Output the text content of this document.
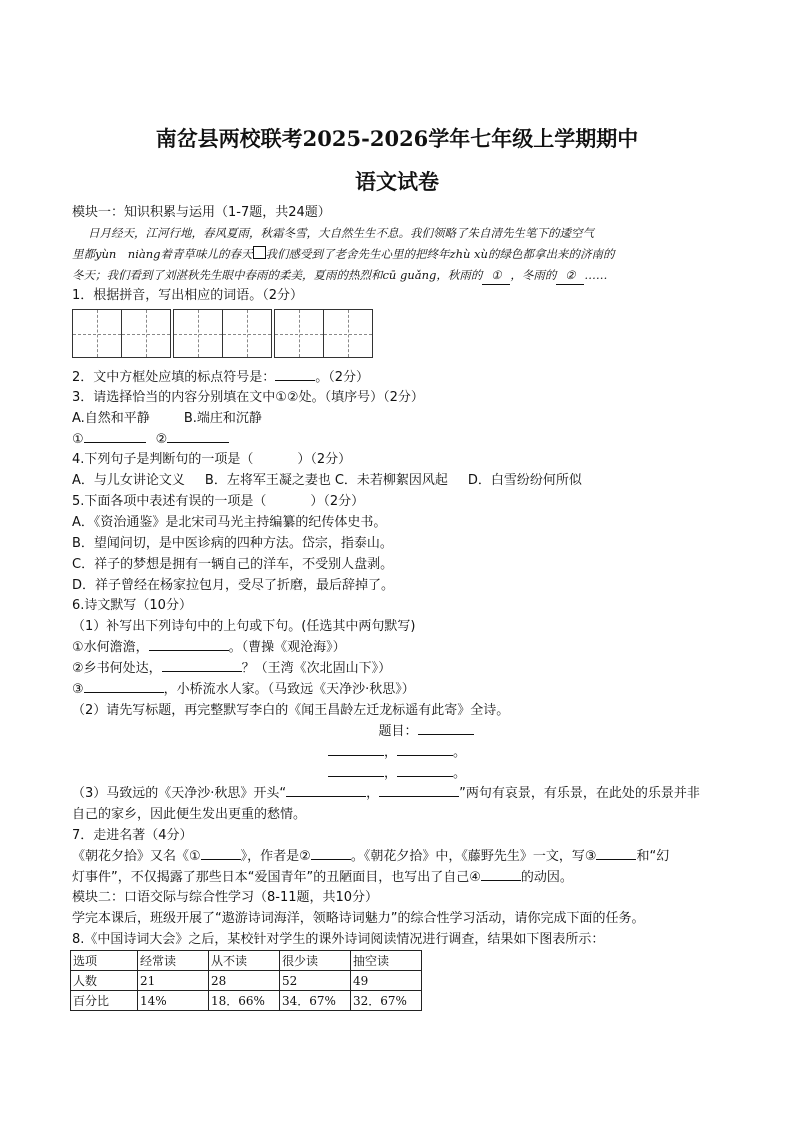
南岔县两校联考2025-2026学年七年级上学期期中
语文试卷
模块一：知识积累与运用（1-7题，共24题）
日月经天，江河行地，春风夏雨，秋霜冬雪，大自然生生不息。我们领略了朱自清先生笔下的逶空气
里都yùn　niàng着青草味儿的春天 我们感受到了老舍先生心里的把终年zhù xù的绿色都拿出来的济南的
冬天；我们看到了刘湛秋先生眼中春雨的柔美，夏雨的热烈和cū guǎng，秋雨的 ① ，冬雨的 ② ……
1．根据拼音，写出相应的词语。（2分）
2．文中方框处应填的标点符号是：	。（2分）
3．请选择恰当的内容分别填在文中①②处。（填序号）（2分）
A.自然和平静	B.端庄和沉静
①	②
4.下列句子是判断句的一项是（	）（2分）
A．与儿女讲论文义 B．左将军王凝之妻也 C．未若柳絮因风起 D．白雪纷纷何所似
5.下面各项中表述有误的一项是（	）（2分）
A．《资治通鉴》是北宋司马光主持编纂的纪传体史书。
B．望闻问切，是中医诊病的四种方法。岱宗，指泰山。
C．祥子的梦想是拥有一辆自己的洋车，不受别人盘剥。
D．祥子曾经在杨家拉包月，受尽了折磨，最后辞掉了。
6.诗文默写（10分）
（1）补写出下列诗句中的上句或下句。(任选其中两句默写)
①水何澹澹，	。（曹操《观沧海》）
②乡书何处达，	？（王湾《次北固山下》）
③	，小桥流水人家。（马致远《天净沙·秋思》）
（2）请先写标题，再完整默写李白的《闻王昌龄左迁龙标遥有此寄》全诗。
题目：
，	。
，	。
（3）马致远的《天净沙·秋思》开头“	，	”两句有哀景，有乐景，在此处的乐景并非
自己的家乡，因此便生发出更重的愁情。
7．走进名著（4分）
《朝花夕拾》又名《①	》，作者是②	。《朝花夕拾》中，《藤野先生》一文，写③	和“幻
灯事件”，不仅揭露了那些日本“爱国青年”的丑陋面目，也写出了自己④	的动因。
模块二：口语交际与综合性学习（8-11题，共10分）
学完本课后，班级开展了“遨游诗词海洋，领略诗词魅力”的综合性学习活动，请你完成下面的任务。
8.《中国诗词大会》之后，某校针对学生的课外诗词阅读情况进行调查，结果如下图表所示：
选项	经常读	从不读	很少读	抽空读
人数	21	28	52	49
百分比	14%	18．66%	34．67%	32．67%
